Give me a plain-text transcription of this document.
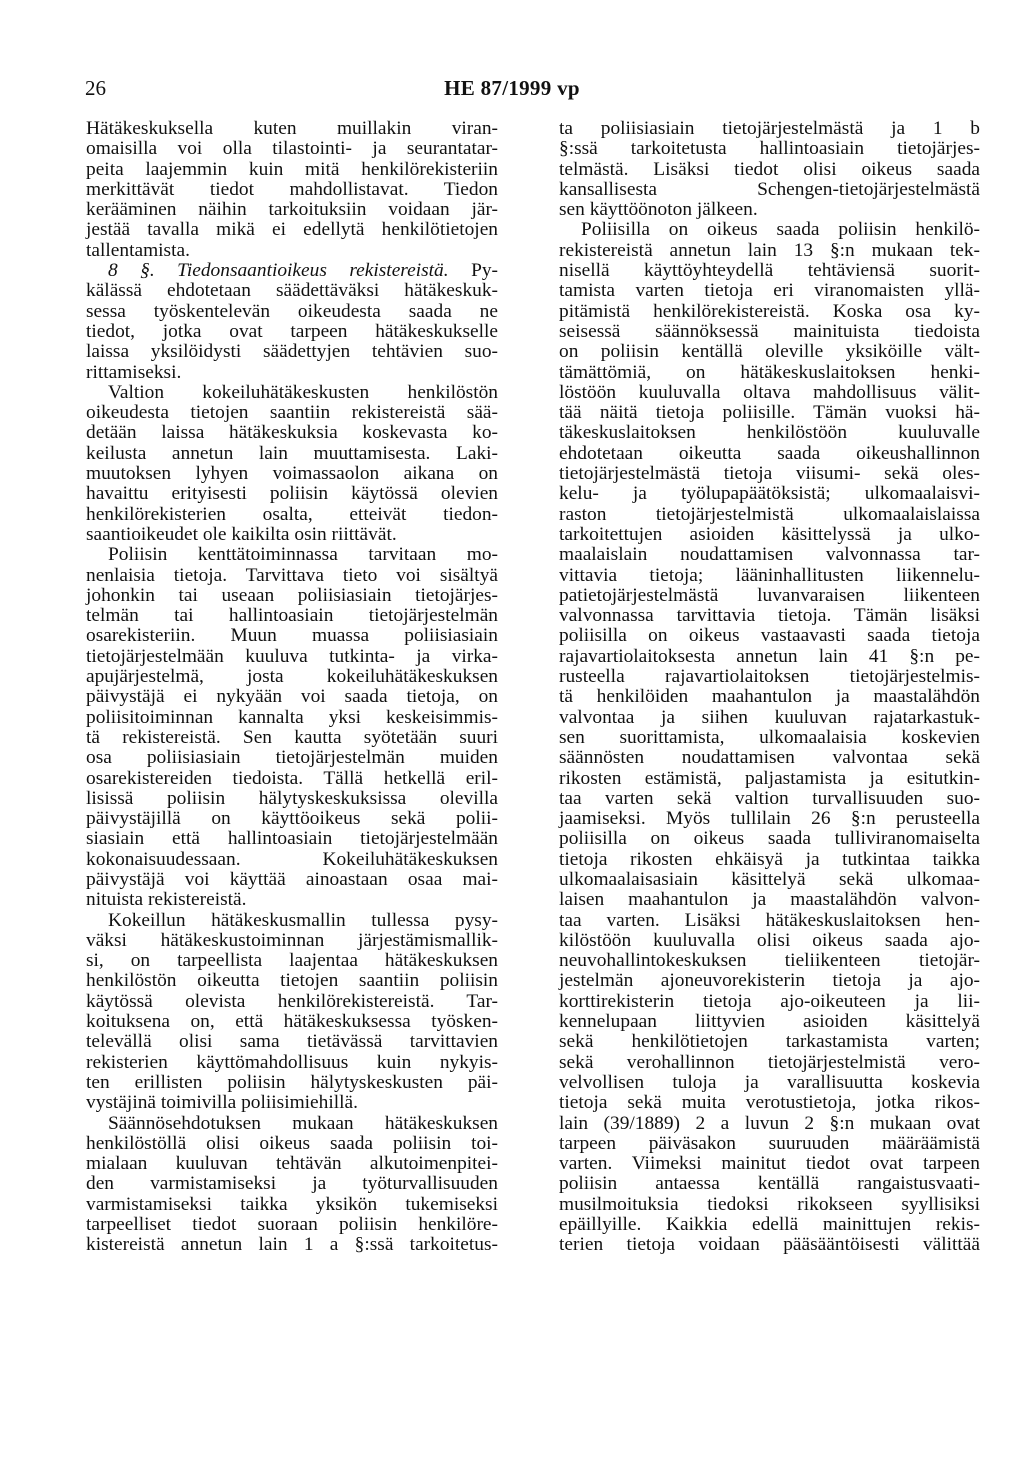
26	HE 87/1999 vp
Hätäkeskuksella kuten muillakin viran-
omaisilla voi olla tilastointi- ja seurantatar-
peita laajemmin kuin mitä henkilörekisteriin
merkittävät tiedot mahdollistavat. Tiedon
kerääminen näihin tarkoituksiin voidaan jär-
jestää tavalla mikä ei edellytä henkilötietojen
tallentamista.
8 §. Tiedonsaantioikeus rekistereistä. Py-
kälässä ehdotetaan säädettäväksi hätäkeskuk-
sessa työskentelevän oikeudesta saada ne
tiedot, jotka ovat tarpeen hätäkeskukselle
laissa yksilöidysti säädettyjen tehtävien suo-
rittamiseksi.
Valtion kokeiluhätäkeskusten henkilöstön
oikeudesta tietojen saantiin rekistereistä sää-
detään laissa hätäkeskuksia koskevasta ko-
keilusta annetun lain muuttamisesta. Laki-
muutoksen lyhyen voimassaolon aikana on
havaittu erityisesti poliisin käytössä olevien
henkilörekisterien osalta, etteivät tiedon-
saantioikeudet ole kaikilta osin riittävät.
Poliisin kenttätoiminnassa tarvitaan mo-
nenlaisia tietoja. Tarvittava tieto voi sisältyä
johonkin tai useaan poliisiasiain tietojärjes-
telmän tai hallintoasiain tietojärjestelmän
osarekisteriin. Muun muassa poliisiasiain
tietojärjestelmään kuuluva tutkinta- ja virka-
apujärjestelmä, josta kokeiluhätäkeskuksen
päivystäjä ei nykyään voi saada tietoja, on
poliisitoiminnan kannalta yksi keskeisimmis-
tä rekistereistä. Sen kautta syötetään suuri
osa poliisiasiain tietojärjestelmän muiden
osarekistereiden tiedoista. Tällä hetkellä eril-
lisissä poliisin hälytyskeskuksissa olevilla
päivystäjillä on käyttöoikeus sekä polii-
siasiain että hallintoasiain tietojärjestelmään
kokonaisuudessaan. Kokeiluhätäkeskuksen
päivystäjä voi käyttää ainoastaan osaa mai-
nituista rekistereistä.
Kokeillun hätäkeskusmallin tullessa pysy-
väksi hätäkeskustoiminnan järjestämismallik-
si, on tarpeellista laajentaa hätäkeskuksen
henkilöstön oikeutta tietojen saantiin poliisin
käytössä olevista henkilörekistereistä. Tar-
koituksena on, että hätäkeskuksessa työsken-
televällä olisi sama tietävässä tarvittavien
rekisterien käyttömahdollisuus kuin nykyis-
ten erillisten poliisin hälytyskeskusten päi-
vystäjinä toimivilla poliisimiehillä.
Säännösehdotuksen mukaan hätäkeskuksen
henkilöstöllä olisi oikeus saada poliisin toi-
mialaan kuuluvan tehtävän alkutoimenpitei-
den varmistamiseksi ja työturvallisuuden
varmistamiseksi taikka yksikön tukemiseksi
tarpeelliset tiedot suoraan poliisin henkilöre-
kistereistä annetun lain 1 a §:ssä tarkoitetus-
ta poliisiasiain tietojärjestelmästä ja 1 b
§:ssä tarkoitetusta hallintoasiain tietojärjes-
telmästä. Lisäksi tiedot olisi oikeus saada
kansallisesta Schengen-tietojärjestelmästä
sen käyttöönoton jälkeen.
Poliisilla on oikeus saada poliisin henkilö-
rekistereistä annetun lain 13 §:n mukaan tek-
nisellä käyttöyhteydellä tehtäviensä suorit-
tamista varten tietoja eri viranomaisten yllä-
pitämistä henkilörekistereistä. Koska osa ky-
seisessä säännöksessä mainituista tiedoista
on poliisin kentällä oleville yksiköille vält-
tämättömiä, on hätäkeskuslaitoksen henki-
löstöön kuuluvalla oltava mahdollisuus välit-
tää näitä tietoja poliisille. Tämän vuoksi hä-
täkeskuslaitoksen henkilöstöön kuuluvalle
ehdotetaan oikeutta saada oikeushallinnon
tietojärjestelmästä tietoja viisumi- sekä oles-
kelu- ja työlupapäätöksistä; ulkomaalaisvi-
raston tietojärjestelmistä ulkomaalaislaissa
tarkoitettujen asioiden käsittelyssä ja ulko-
maalaislain noudattamisen valvonnassa tar-
vittavia tietoja; lääninhallitusten liikennelu-
patietojärjestelmästä luvanvaraisen liikenteen
valvonnassa tarvittavia tietoja. Tämän lisäksi
poliisilla on oikeus vastaavasti saada tietoja
rajavartiolaitoksesta annetun lain 41 §:n pe-
rusteella rajavartiolaitoksen tietojärjestelmis-
tä henkilöiden maahantulon ja maastalähdön
valvontaa ja siihen kuuluvan rajatarkastuk-
sen suorittamista, ulkomaalaisia koskevien
säännösten noudattamisen valvontaa sekä
rikosten estämistä, paljastamista ja esitutkin-
taa varten sekä valtion turvallisuuden suo-
jaamiseksi. Myös tullilain 26 §:n perusteella
poliisilla on oikeus saada tulliviranomaiselta
tietoja rikosten ehkäisyä ja tutkintaa taikka
ulkomaalaisasiain käsittelyä sekä ulkomaa-
laisen maahantulon ja maastalähdön valvon-
taa varten. Lisäksi hätäkeskuslaitoksen hen-
kilöstöön kuuluvalla olisi oikeus saada ajo-
neuvohallintokeskuksen tieliikenteen tietojär-
jestelmän ajoneuvorekisterin tietoja ja ajo-
korttirekisterin tietoja ajo-oikeuteen ja lii-
kennelupaan liittyvien asioiden käsittelyä
sekä henkilötietojen tarkastamista varten;
sekä verohallinnon tietojärjestelmistä vero-
velvollisen tuloja ja varallisuutta koskevia
tietoja sekä muita verotustietoja, jotka rikos-
lain (39/1889) 2 a luvun 2 §:n mukaan ovat
tarpeen päiväsakon suuruuden määräämistä
varten. Viimeksi mainitut tiedot ovat tarpeen
poliisin antaessa kentällä rangaistusvaati-
musilmoituksia tiedoksi rikokseen syyllisiksi
epäillyille. Kaikkia edellä mainittujen rekis-
terien tietoja voidaan pääsääntöisesti välittää
